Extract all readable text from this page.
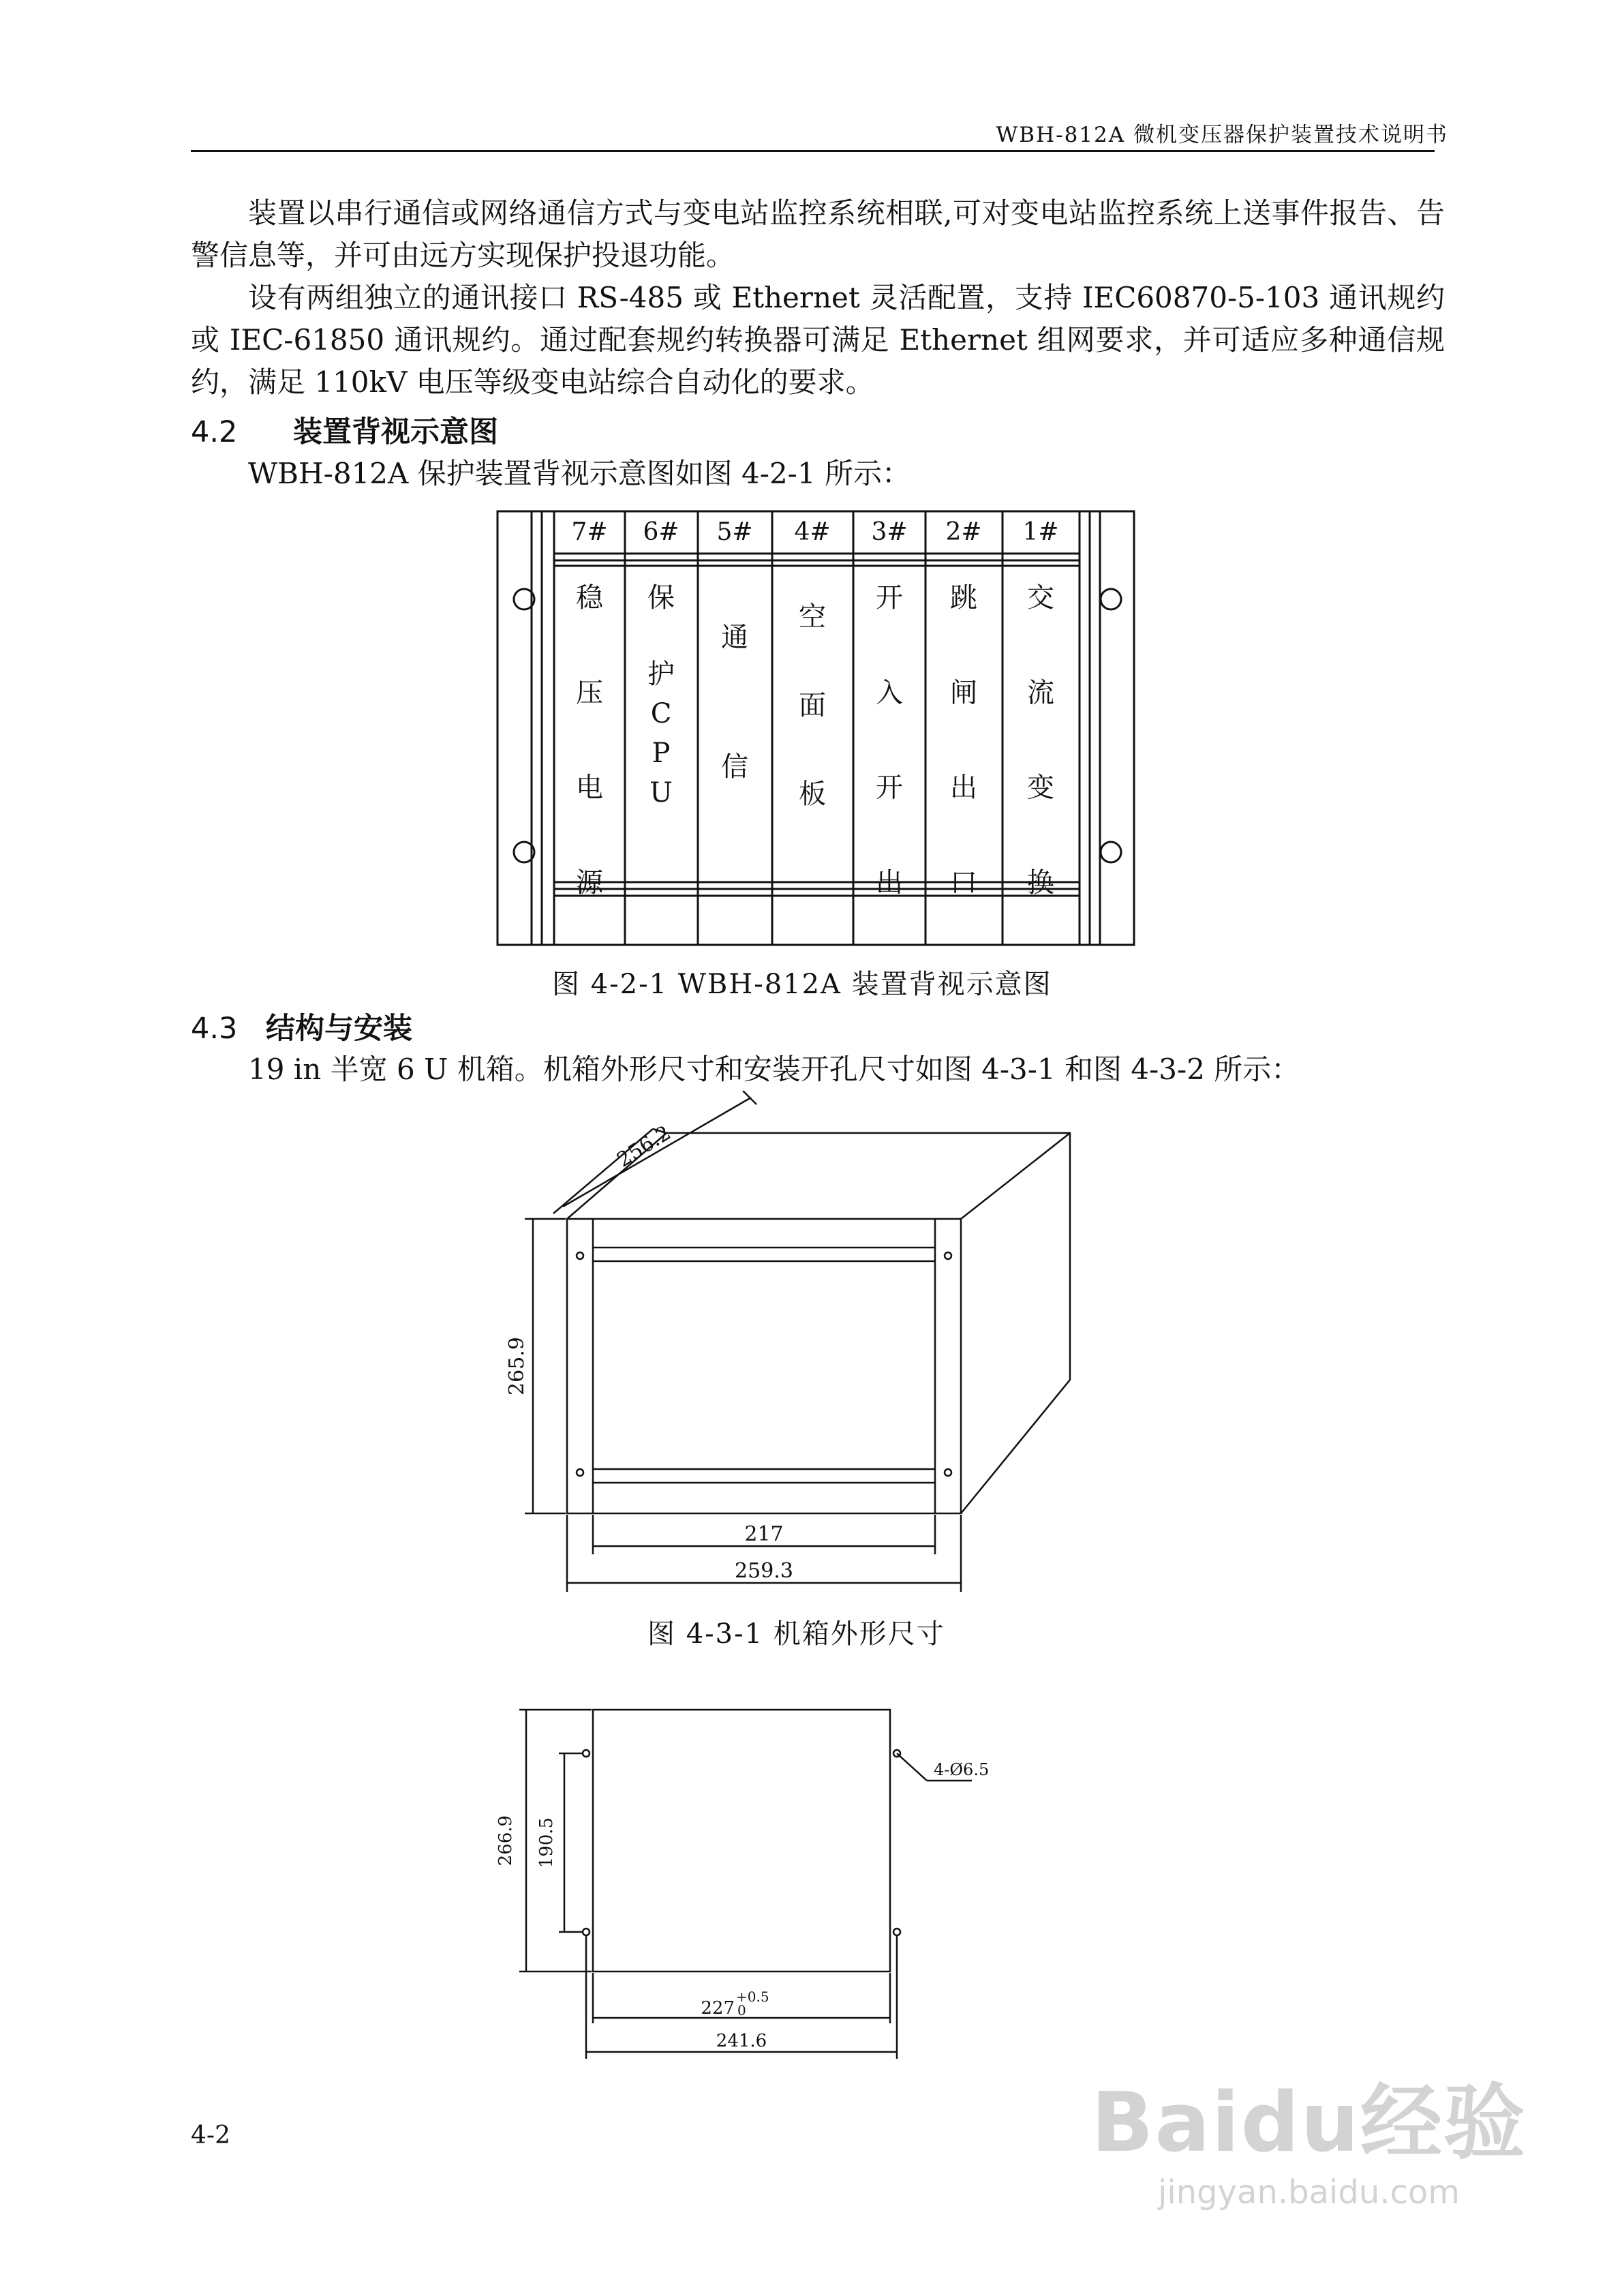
WBH-812A 微机变压器保护装置技术说明书

装置以串行通信或网络通信方式与变电站监控系统相联,可对变电站监控系统上送事件报告、告警信息等，并可由远方实现保护投退功能。

设有两组独立的通讯接口 RS-485 或 Ethernet 灵活配置，支持 IEC60870-5-103 通讯规约或 IEC-61850 通讯规约。通过配套规约转换器可满足 Ethernet 组网要求，并可适应多种通信规约，满足 110kV 电压等级变电站综合自动化的要求。

4.2 装置背视示意图

WBH-812A 保护装置背视示意图如图 4-2-1 所示：

7# 6# 5# 4# 3# 2# 1#
稳压电源
保护 C P U
通信
空面板
开入开出
跳闸出口
交流变换
图 4-2-1 WBH-812A 装置背视示意图
4.3 结构与安装

19 in 半宽 6 U 机箱。机箱外形尺寸和安装开孔尺寸如图 4-3-1 和图 4-3-2 所示：

256.2
265.9
217
259.3
图 4-3-1 机箱外形尺寸
266.9 190.5
4-Ø6.5
227
+0.5
0
241.6
4-2	Baidu经验
jingyan.baidu.com
